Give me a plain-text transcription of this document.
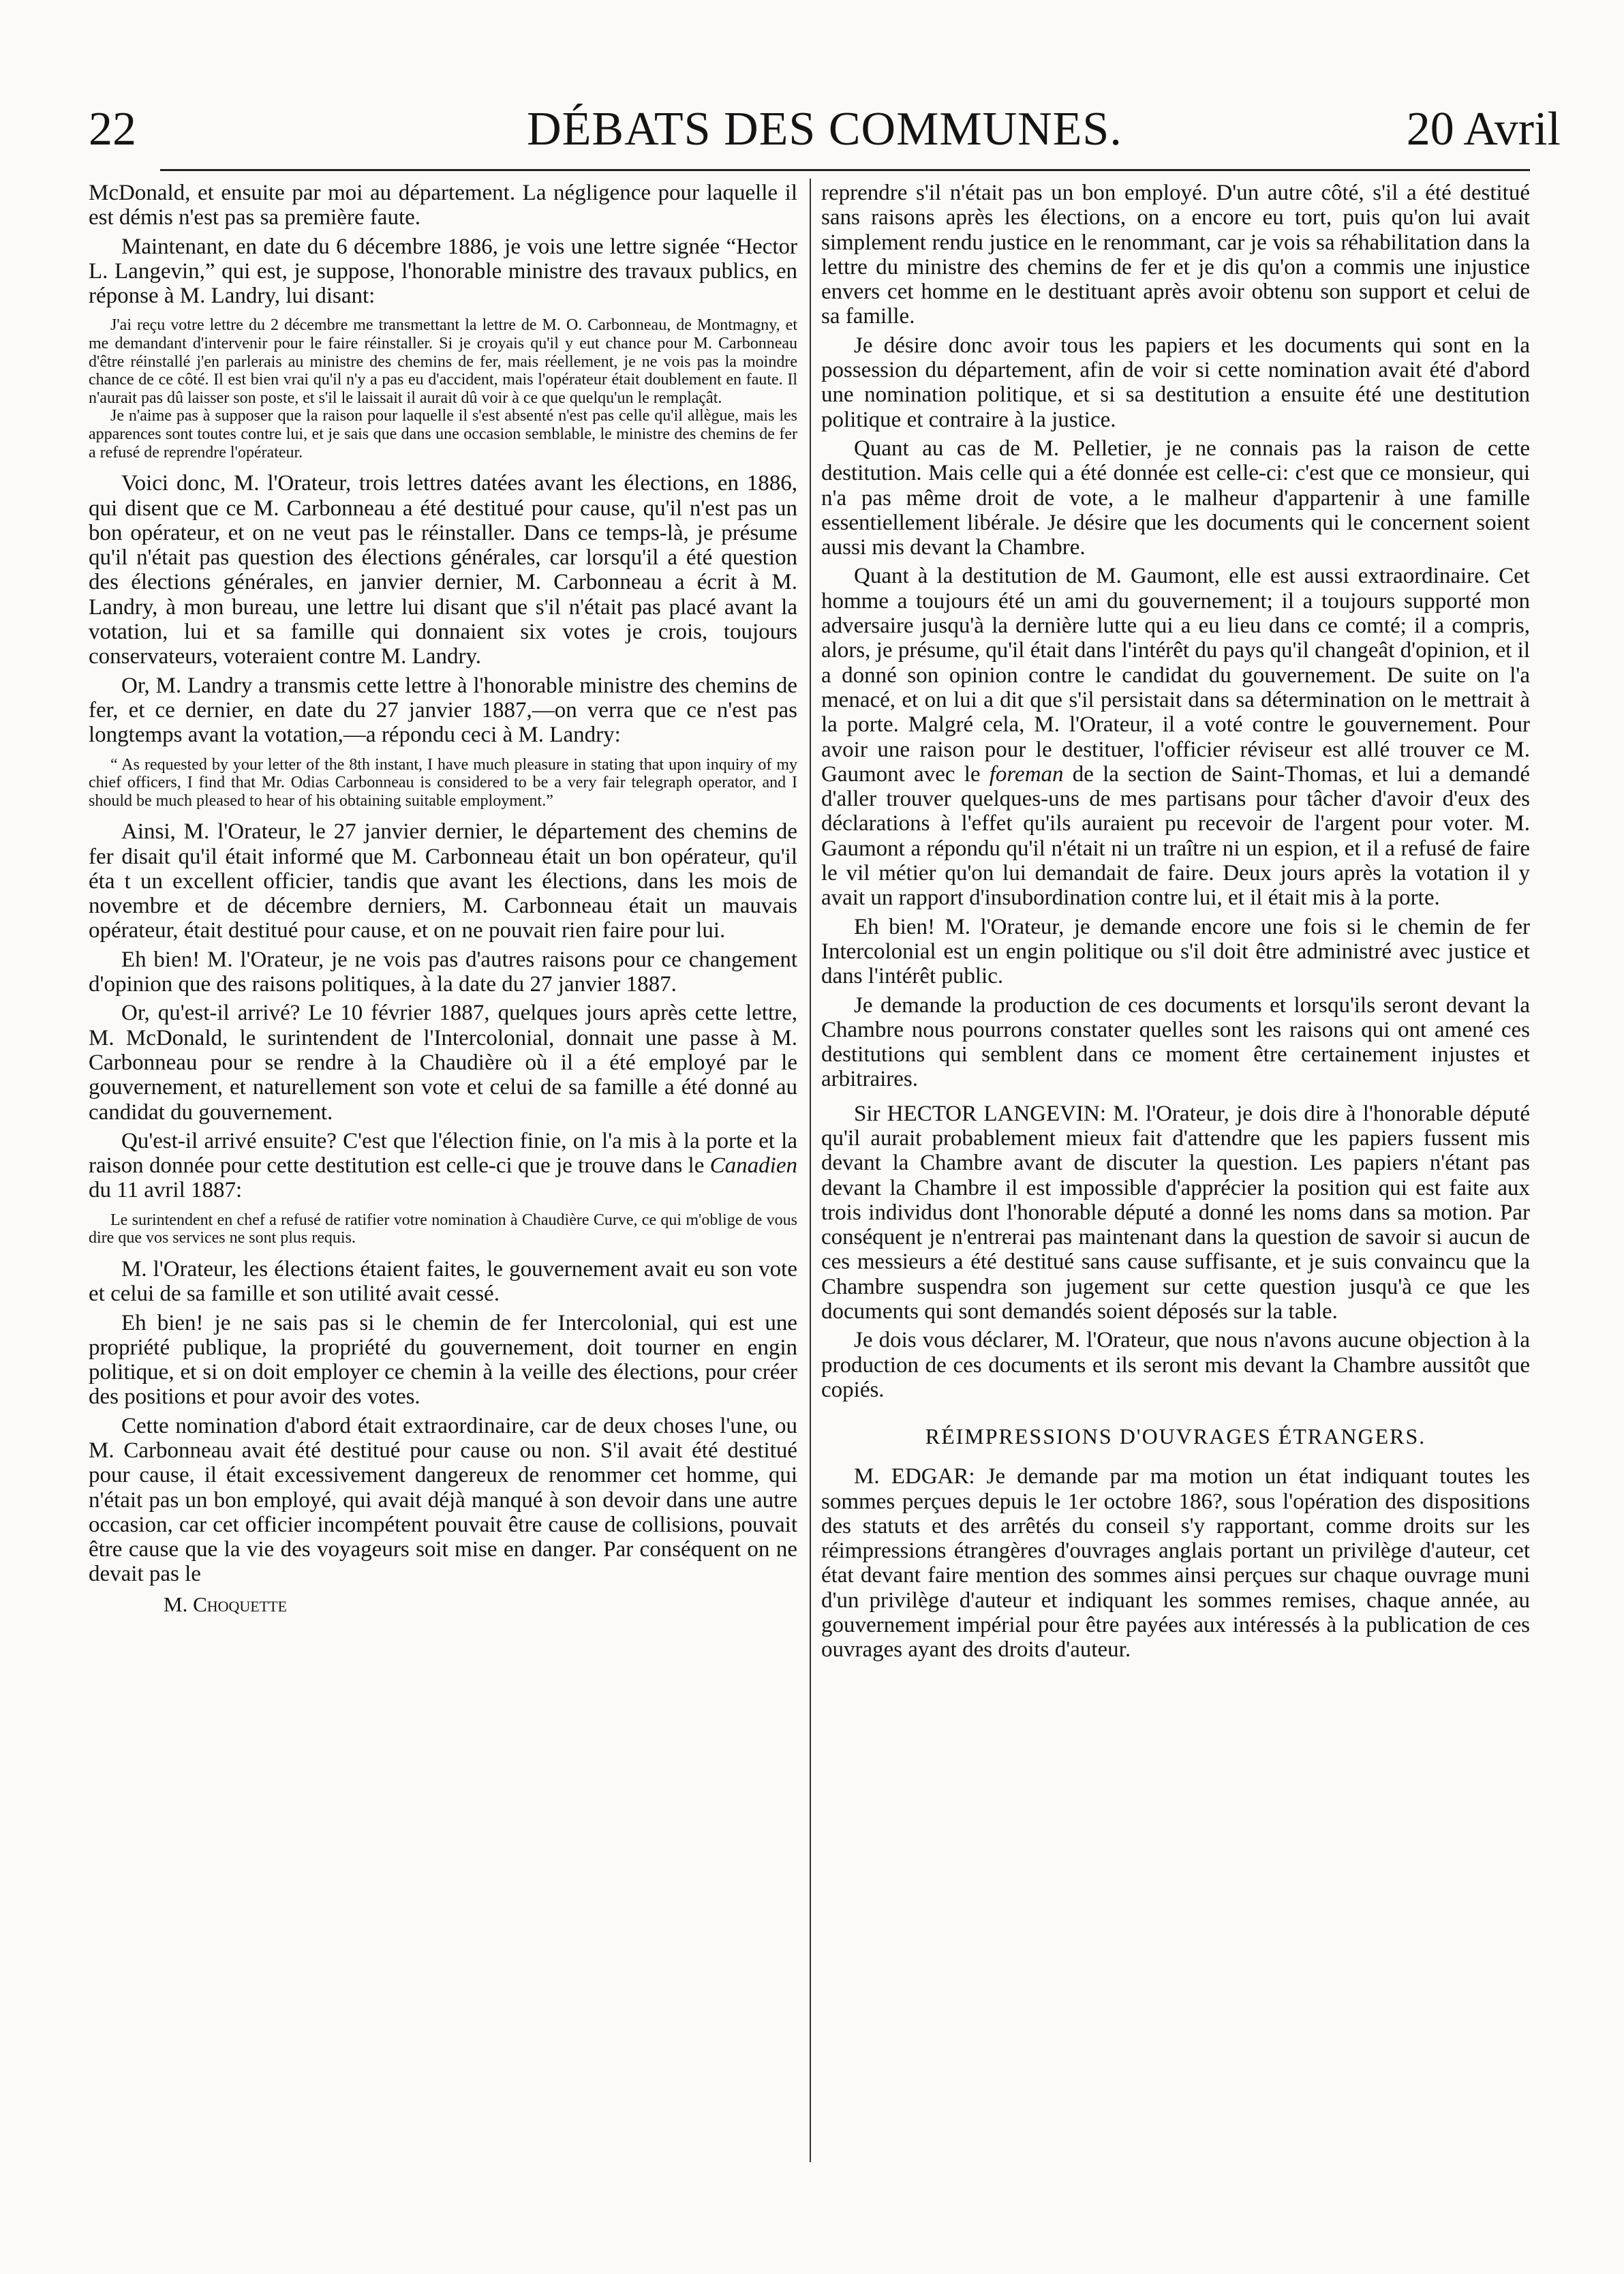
22	DÉBATS DES COMMUNES.	20 Avril

McDonald, et ensuite par moi au département. La négligence pour laquelle il est démis n'est pas sa première faute.

Maintenant, en date du 6 décembre 1886, je vois une lettre signée “Hector L. Langevin,” qui est, je suppose, l'honorable ministre des travaux publics, en réponse à M. Landry, lui disant:

J'ai reçu votre lettre du 2 décembre me transmettant la lettre de M. O. Carbonneau, de Montmagny, et me demandant d'intervenir pour le faire réinstaller. Si je croyais qu'il y eut chance pour M. Carbonneau d'être réinstallé j'en parlerais au ministre des chemins de fer, mais réellement, je ne vois pas la moindre chance de ce côté. Il est bien vrai qu'il n'y a pas eu d'accident, mais l'opérateur était doublement en faute. Il n'aurait pas dû laisser son poste, et s'il le laissait il aurait dû voir à ce que quelqu'un le remplaçât.

Je n'aime pas à supposer que la raison pour laquelle il s'est absenté n'est pas celle qu'il allègue, mais les apparences sont toutes contre lui, et je sais que dans une occasion semblable, le ministre des chemins de fer a refusé de reprendre l'opérateur.

Voici donc, M. l'Orateur, trois lettres datées avant les élections, en 1886, qui disent que ce M. Carbonneau a été destitué pour cause, qu'il n'est pas un bon opérateur, et on ne veut pas le réinstaller. Dans ce temps-là, je présume qu'il n'était pas question des élections générales, car lorsqu'il a été question des élections générales, en janvier dernier, M. Carbonneau a écrit à M. Landry, à mon bureau, une lettre lui disant que s'il n'était pas placé avant la votation, lui et sa famille qui donnaient six votes je crois, toujours conservateurs, voteraient contre M. Landry.

Or, M. Landry a transmis cette lettre à l'honorable ministre des chemins de fer, et ce dernier, en date du 27 janvier 1887,—on verra que ce n'est pas longtemps avant la votation,—a répondu ceci à M. Landry:

“ As requested by your letter of the 8th instant, I have much pleasure in stating that upon inquiry of my chief officers, I find that Mr. Odias Carbonneau is considered to be a very fair telegraph operator, and I should be much pleased to hear of his obtaining suitable employment.”

Ainsi, M. l'Orateur, le 27 janvier dernier, le département des chemins de fer disait qu'il était informé que M. Carbonneau était un bon opérateur, qu'il éta t un excellent officier, tandis que avant les élections, dans les mois de novembre et de décembre derniers, M. Carbonneau était un mauvais opérateur, était destitué pour cause, et on ne pouvait rien faire pour lui.

Eh bien! M. l'Orateur, je ne vois pas d'autres raisons pour ce changement d'opinion que des raisons politiques, à la date du 27 janvier 1887.

Or, qu'est-il arrivé? Le 10 février 1887, quelques jours après cette lettre, M. McDonald, le surintendent de l'Intercolonial, donnait une passe à M. Carbonneau pour se rendre à la Chaudière où il a été employé par le gouvernement, et naturellement son vote et celui de sa famille a été donné au candidat du gouvernement.

Qu'est-il arrivé ensuite? C'est que l'élection finie, on l'a mis à la porte et la raison donnée pour cette destitution est celle-ci que je trouve dans le Canadien du 11 avril 1887:

Le surintendent en chef a refusé de ratifier votre nomination à Chaudière Curve, ce qui m'oblige de vous dire que vos services ne sont plus requis.

M. l'Orateur, les élections étaient faites, le gouvernement avait eu son vote et celui de sa famille et son utilité avait cessé.

Eh bien! je ne sais pas si le chemin de fer Intercolonial, qui est une propriété publique, la propriété du gouvernement, doit tourner en engin politique, et si on doit employer ce chemin à la veille des élections, pour créer des positions et pour avoir des votes.

Cette nomination d'abord était extraordinaire, car de deux choses l'une, ou M. Carbonneau avait été destitué pour cause ou non. S'il avait été destitué pour cause, il était excessivement dangereux de renommer cet homme, qui n'était pas un bon employé, qui avait déjà manqué à son devoir dans une autre occasion, car cet officier incompétent pouvait être cause de collisions, pouvait être cause que la vie des voyageurs soit mise en danger. Par conséquent on ne devait pas le

M. Choquette

reprendre s'il n'était pas un bon employé. D'un autre côté, s'il a été destitué sans raisons après les élections, on a encore eu tort, puis qu'on lui avait simplement rendu justice en le renommant, car je vois sa réhabilitation dans la lettre du ministre des chemins de fer et je dis qu'on a commis une injustice envers cet homme en le destituant après avoir obtenu son support et celui de sa famille.

Je désire donc avoir tous les papiers et les documents qui sont en la possession du département, afin de voir si cette nomination avait été d'abord une nomination politique, et si sa destitution a ensuite été une destitution politique et contraire à la justice.

Quant au cas de M. Pelletier, je ne connais pas la raison de cette destitution. Mais celle qui a été donnée est celle-ci: c'est que ce monsieur, qui n'a pas même droit de vote, a le malheur d'appartenir à une famille essentiellement libérale. Je désire que les documents qui le concernent soient aussi mis devant la Chambre.

Quant à la destitution de M. Gaumont, elle est aussi extraordinaire. Cet homme a toujours été un ami du gouvernement; il a toujours supporté mon adversaire jusqu'à la dernière lutte qui a eu lieu dans ce comté; il a compris, alors, je présume, qu'il était dans l'intérêt du pays qu'il changeât d'opinion, et il a donné son opinion contre le candidat du gouvernement. De suite on l'a menacé, et on lui a dit que s'il persistait dans sa détermination on le mettrait à la porte. Malgré cela, M. l'Orateur, il a voté contre le gouvernement. Pour avoir une raison pour le destituer, l'officier réviseur est allé trouver ce M. Gaumont avec le foreman de la section de Saint-Thomas, et lui a demandé d'aller trouver quelques-uns de mes partisans pour tâcher d'avoir d'eux des déclarations à l'effet qu'ils auraient pu recevoir de l'argent pour voter. M. Gaumont a répondu qu'il n'était ni un traître ni un espion, et il a refusé de faire le vil métier qu'on lui demandait de faire. Deux jours après la votation il y avait un rapport d'insubordination contre lui, et il était mis à la porte.

Eh bien! M. l'Orateur, je demande encore une fois si le chemin de fer Intercolonial est un engin politique ou s'il doit être administré avec justice et dans l'intérêt public.

Je demande la production de ces documents et lorsqu'ils seront devant la Chambre nous pourrons constater quelles sont les raisons qui ont amené ces destitutions qui semblent dans ce moment être certainement injustes et arbitraires.

Sir HECTOR LANGEVIN: M. l'Orateur, je dois dire à l'honorable député qu'il aurait probablement mieux fait d'attendre que les papiers fussent mis devant la Chambre avant de discuter la question. Les papiers n'étant pas devant la Chambre il est impossible d'apprécier la position qui est faite aux trois individus dont l'honorable député a donné les noms dans sa motion. Par conséquent je n'entrerai pas maintenant dans la question de savoir si aucun de ces messieurs a été destitué sans cause suffisante, et je suis convaincu que la Chambre suspendra son jugement sur cette question jusqu'à ce que les documents qui sont demandés soient déposés sur la table.

Je dois vous déclarer, M. l'Orateur, que nous n'avons aucune objection à la production de ces documents et ils seront mis devant la Chambre aussitôt que copiés.

RÉIMPRESSIONS D'OUVRAGES ÉTRANGERS.

M. EDGAR: Je demande par ma motion un état indiquant toutes les sommes perçues depuis le 1er octobre 186?, sous l'opération des dispositions des statuts et des arrêtés du conseil s'y rapportant, comme droits sur les réimpressions étrangères d'ouvrages anglais portant un privilège d'auteur, cet état devant faire mention des sommes ainsi perçues sur chaque ouvrage muni d'un privilège d'auteur et indiquant les sommes remises, chaque année, au gouvernement impérial pour être payées aux intéressés à la publication de ces ouvrages ayant des droits d'auteur.
